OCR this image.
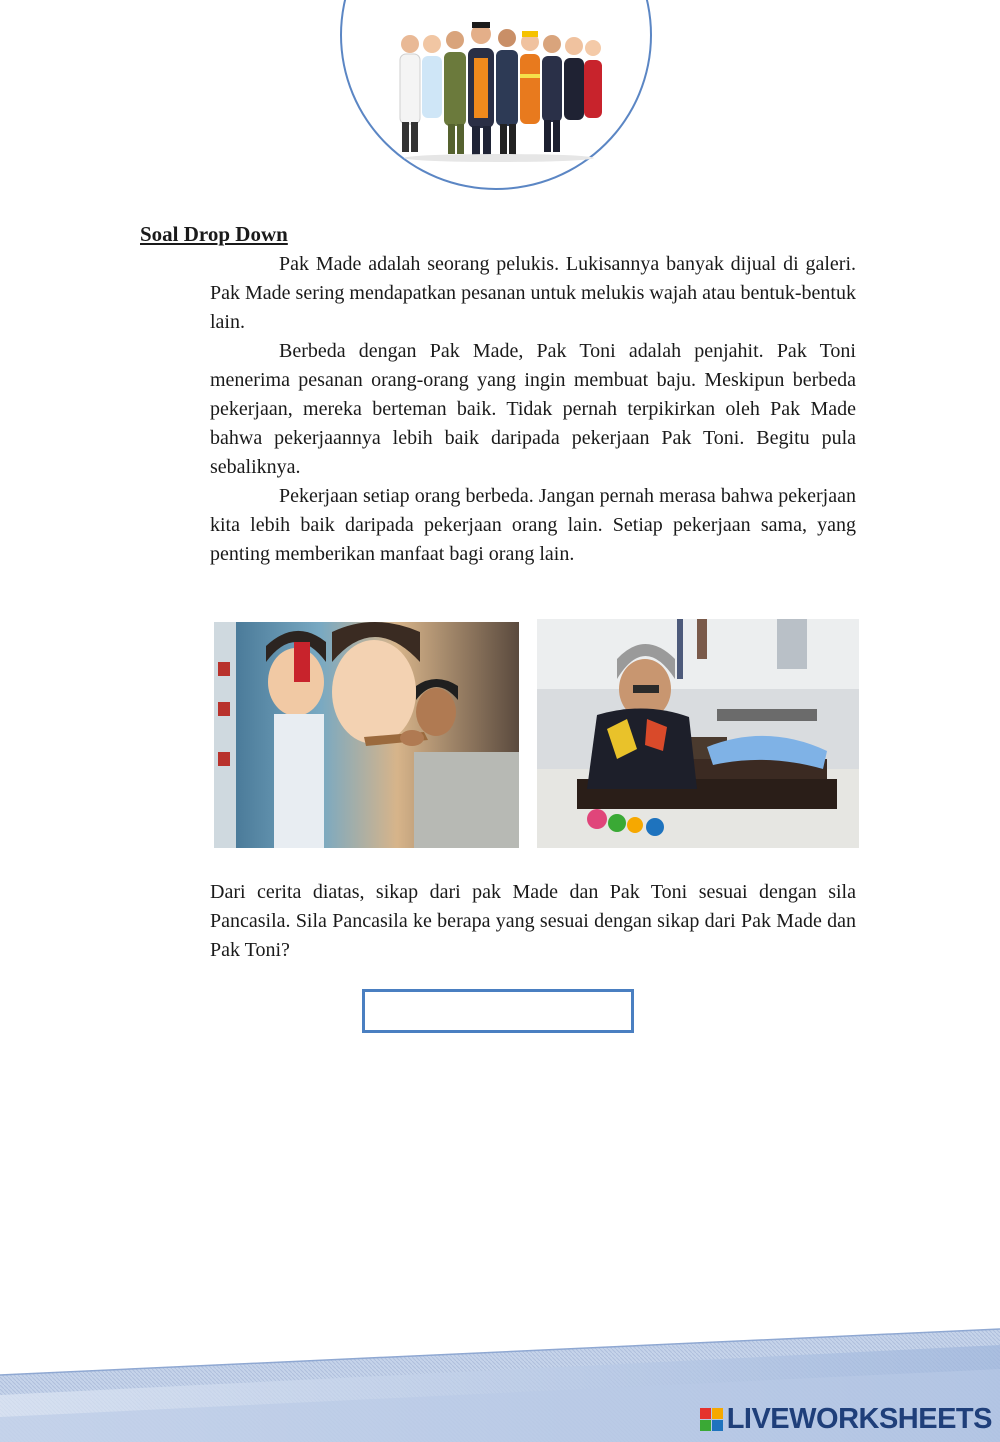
Soal Drop Down

Pak Made adalah seorang pelukis. Lukisannya banyak dijual di galeri. Pak Made sering mendapatkan pesanan untuk melukis wajah atau bentuk-bentuk lain.

Berbeda dengan Pak Made, Pak Toni adalah penjahit. Pak Toni menerima pesanan orang-orang yang ingin membuat baju. Meskipun berbeda pekerjaan, mereka berteman baik. Tidak pernah terpikirkan oleh Pak Made bahwa pekerjaannya lebih baik daripada pekerjaan Pak Toni. Begitu pula sebaliknya.

Pekerjaan setiap orang berbeda. Jangan pernah merasa bahwa pekerjaan kita lebih baik daripada pekerjaan orang lain. Setiap pekerjaan sama, yang penting memberikan manfaat bagi orang lain.

Dari cerita diatas, sikap dari pak Made dan Pak Toni sesuai dengan sila Pancasila. Sila Pancasila ke berapa yang sesuai dengan sikap dari Pak Made dan Pak Toni?
LIVEWORKSHEETS
